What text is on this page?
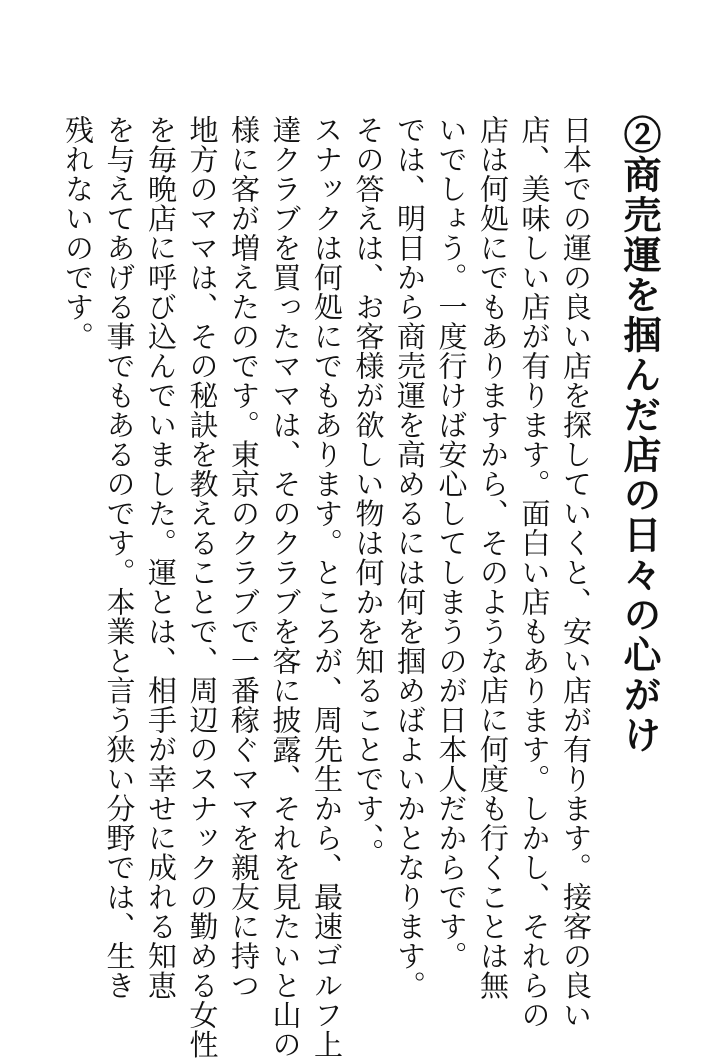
②商売運を掴んだ店の日々の心がけ
日本での運の良い店を探していくと、安い店が有ります。接客の良い
店、美味しい店が有ります。面白い店もあります。しかし、それらの
店は何処にでもありますから、そのような店に何度も行くことは無
いでしょう。一度行けば安心してしまうのが日本人だからです。
では、明日から商売運を高めるには何を掴めばよいかとなります。
その答えは、お客様が欲しい物は何かを知ることです、。
スナックは何処にでもあります。ところが、周先生から、最速ゴルフ上
達クラブを買ったママは、そのクラブを客に披露、それを見たいと山の
様に客が増えたのです。東京のクラブで一番稼ぐママを親友に持つ
地方のママは、その秘訣を教えることで、周辺のスナックの勤める女性
を毎晩店に呼び込んでいました。運とは、相手が幸せに成れる知恵
を与えてあげる事でもあるのです。本業と言う狭い分野では、生き
残れないのです。
